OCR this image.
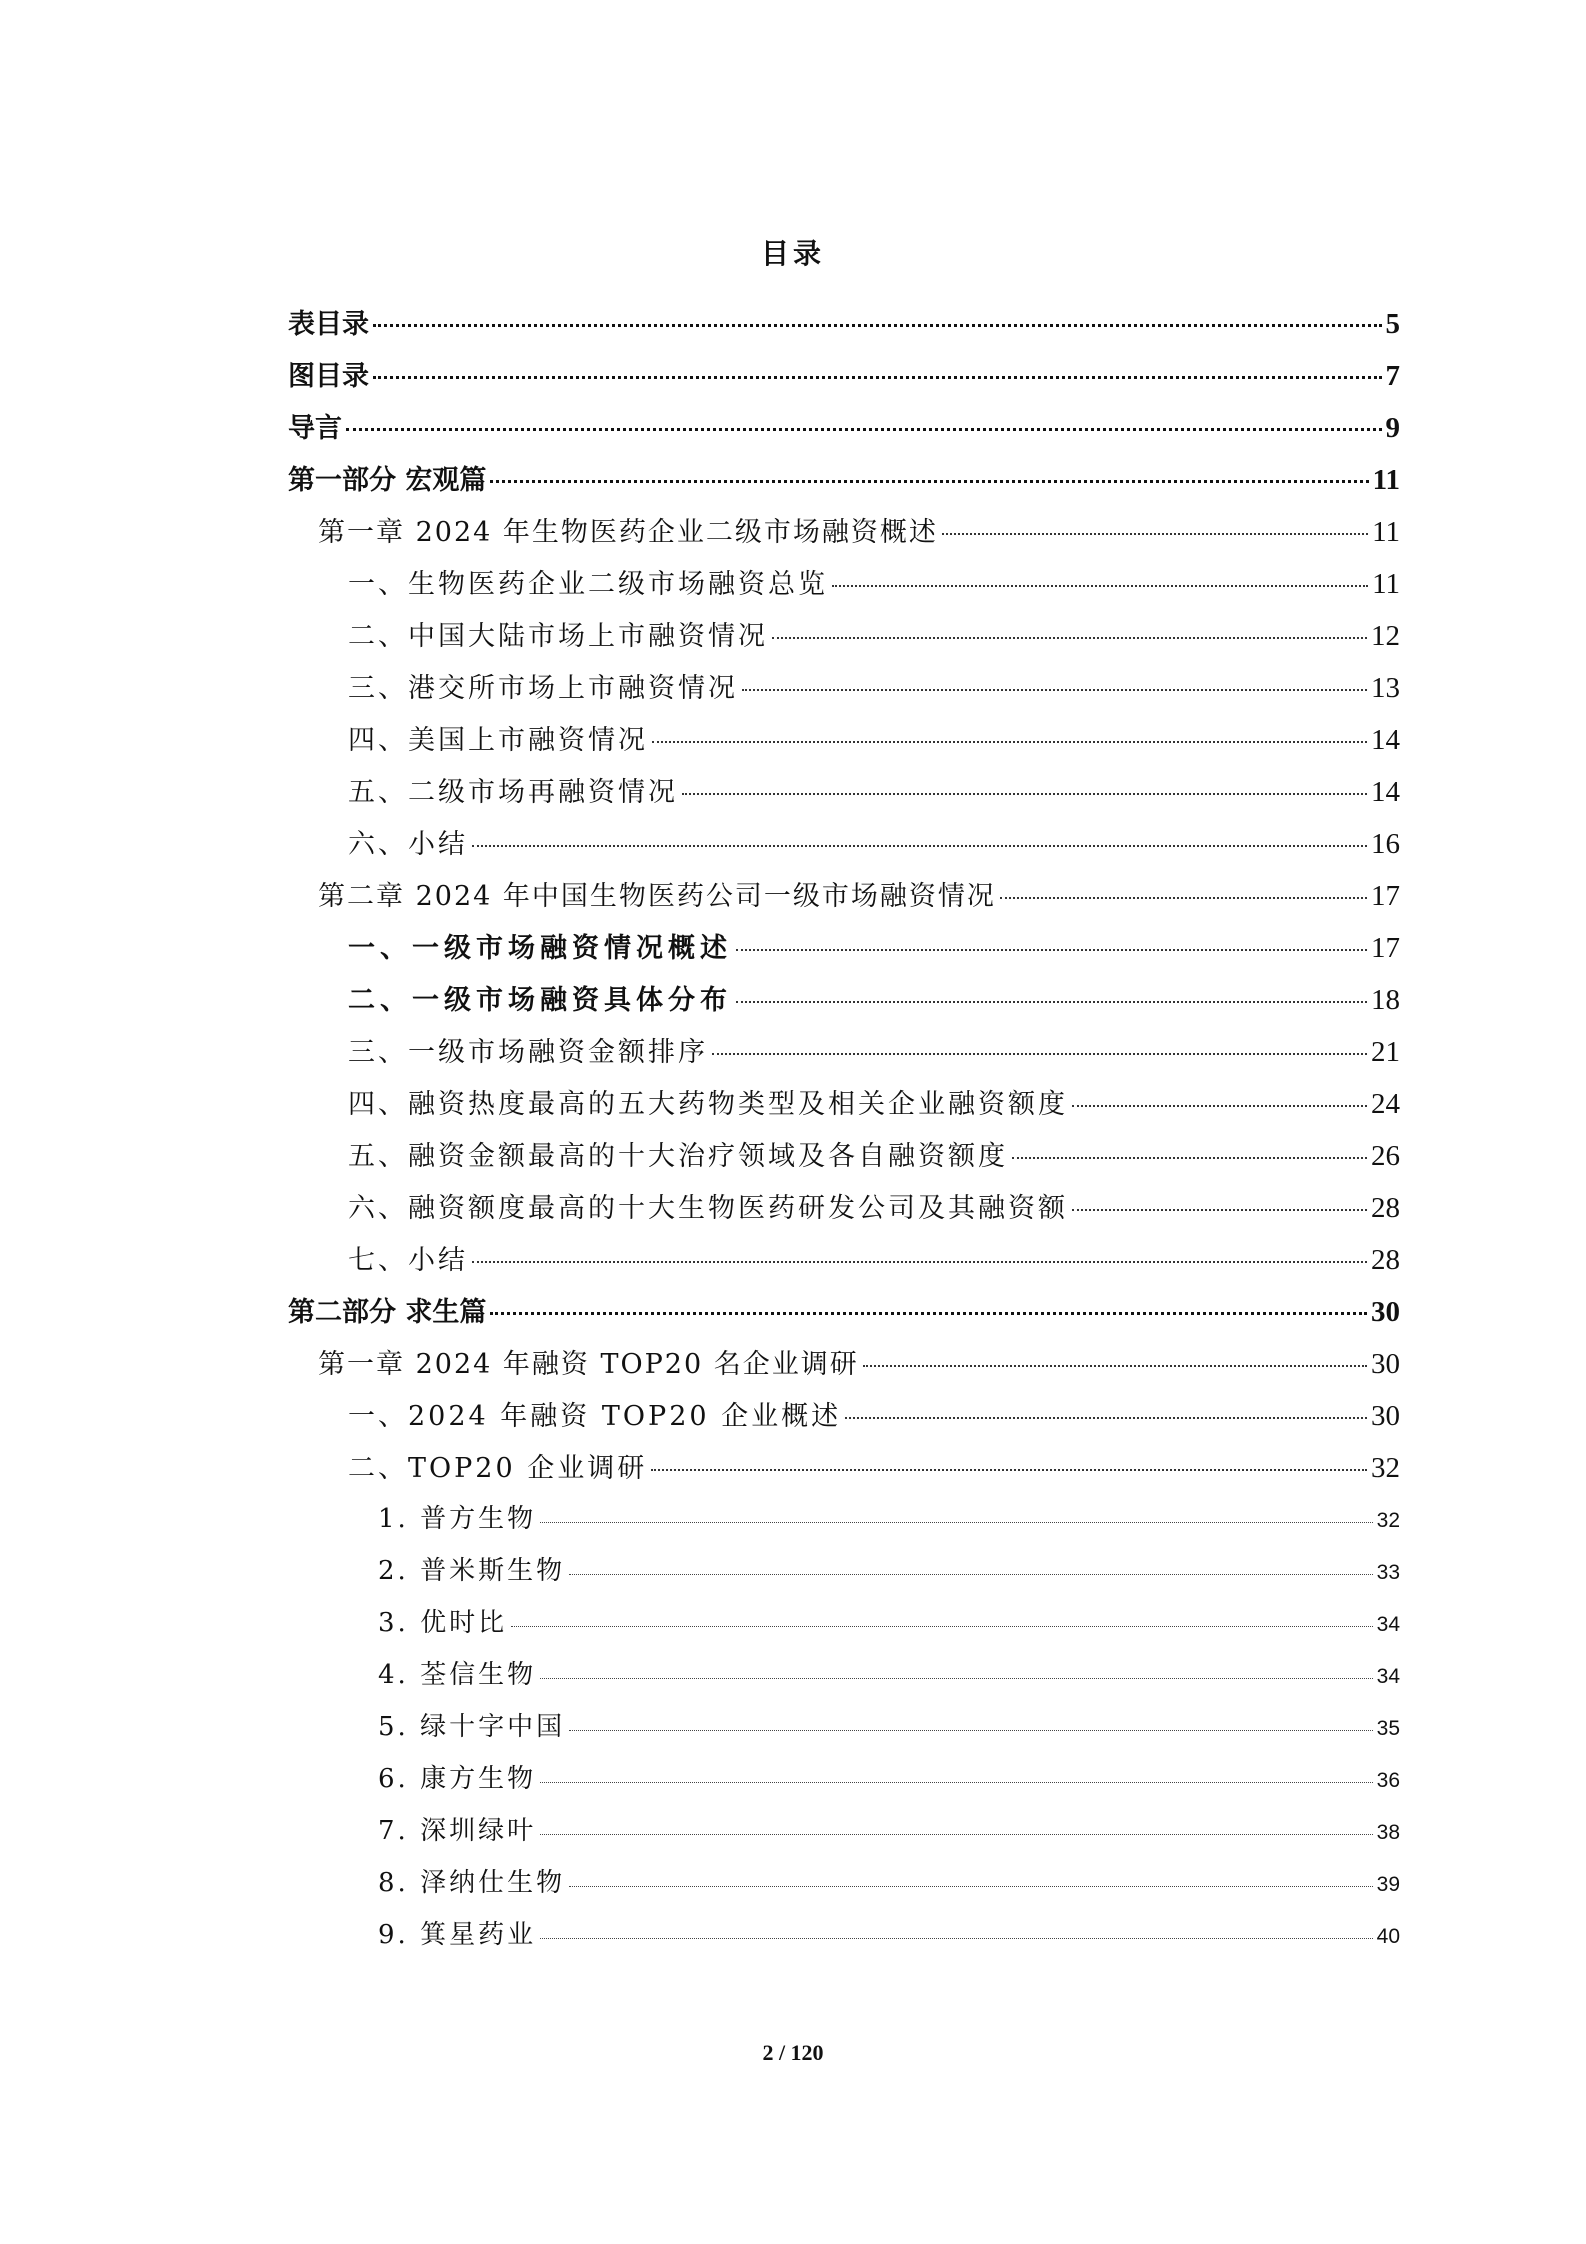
目录
表目录	5
图目录	7
导言	9
第一部分 宏观篇	11
第一章 2024 年生物医药企业二级市场融资概述	11
一、生物医药企业二级市场融资总览	11
二、中国大陆市场上市融资情况	12
三、港交所市场上市融资情况	13
四、美国上市融资情况	14
五、二级市场再融资情况	14
六、小结	16
第二章 2024 年中国生物医药公司一级市场融资情况	17
一、一级市场融资情况概述	17
二、一级市场融资具体分布	18
三、一级市场融资金额排序	21
四、融资热度最高的五大药物类型及相关企业融资额度	24
五、融资金额最高的十大治疗领域及各自融资额度	26
六、融资额度最高的十大生物医药研发公司及其融资额	28
七、小结	28
第二部分 求生篇	30
第一章 2024 年融资 TOP20 名企业调研	30
一、2024 年融资 TOP20 企业概述	30
二、TOP20 企业调研	32
1. 普方生物	32
2. 普米斯生物	33
3. 优时比	34
4. 荃信生物	34
5. 绿十字中国	35
6. 康方生物	36
7. 深圳绿叶	38
8. 泽纳仕生物	39
9. 箕星药业	40
2 / 120
